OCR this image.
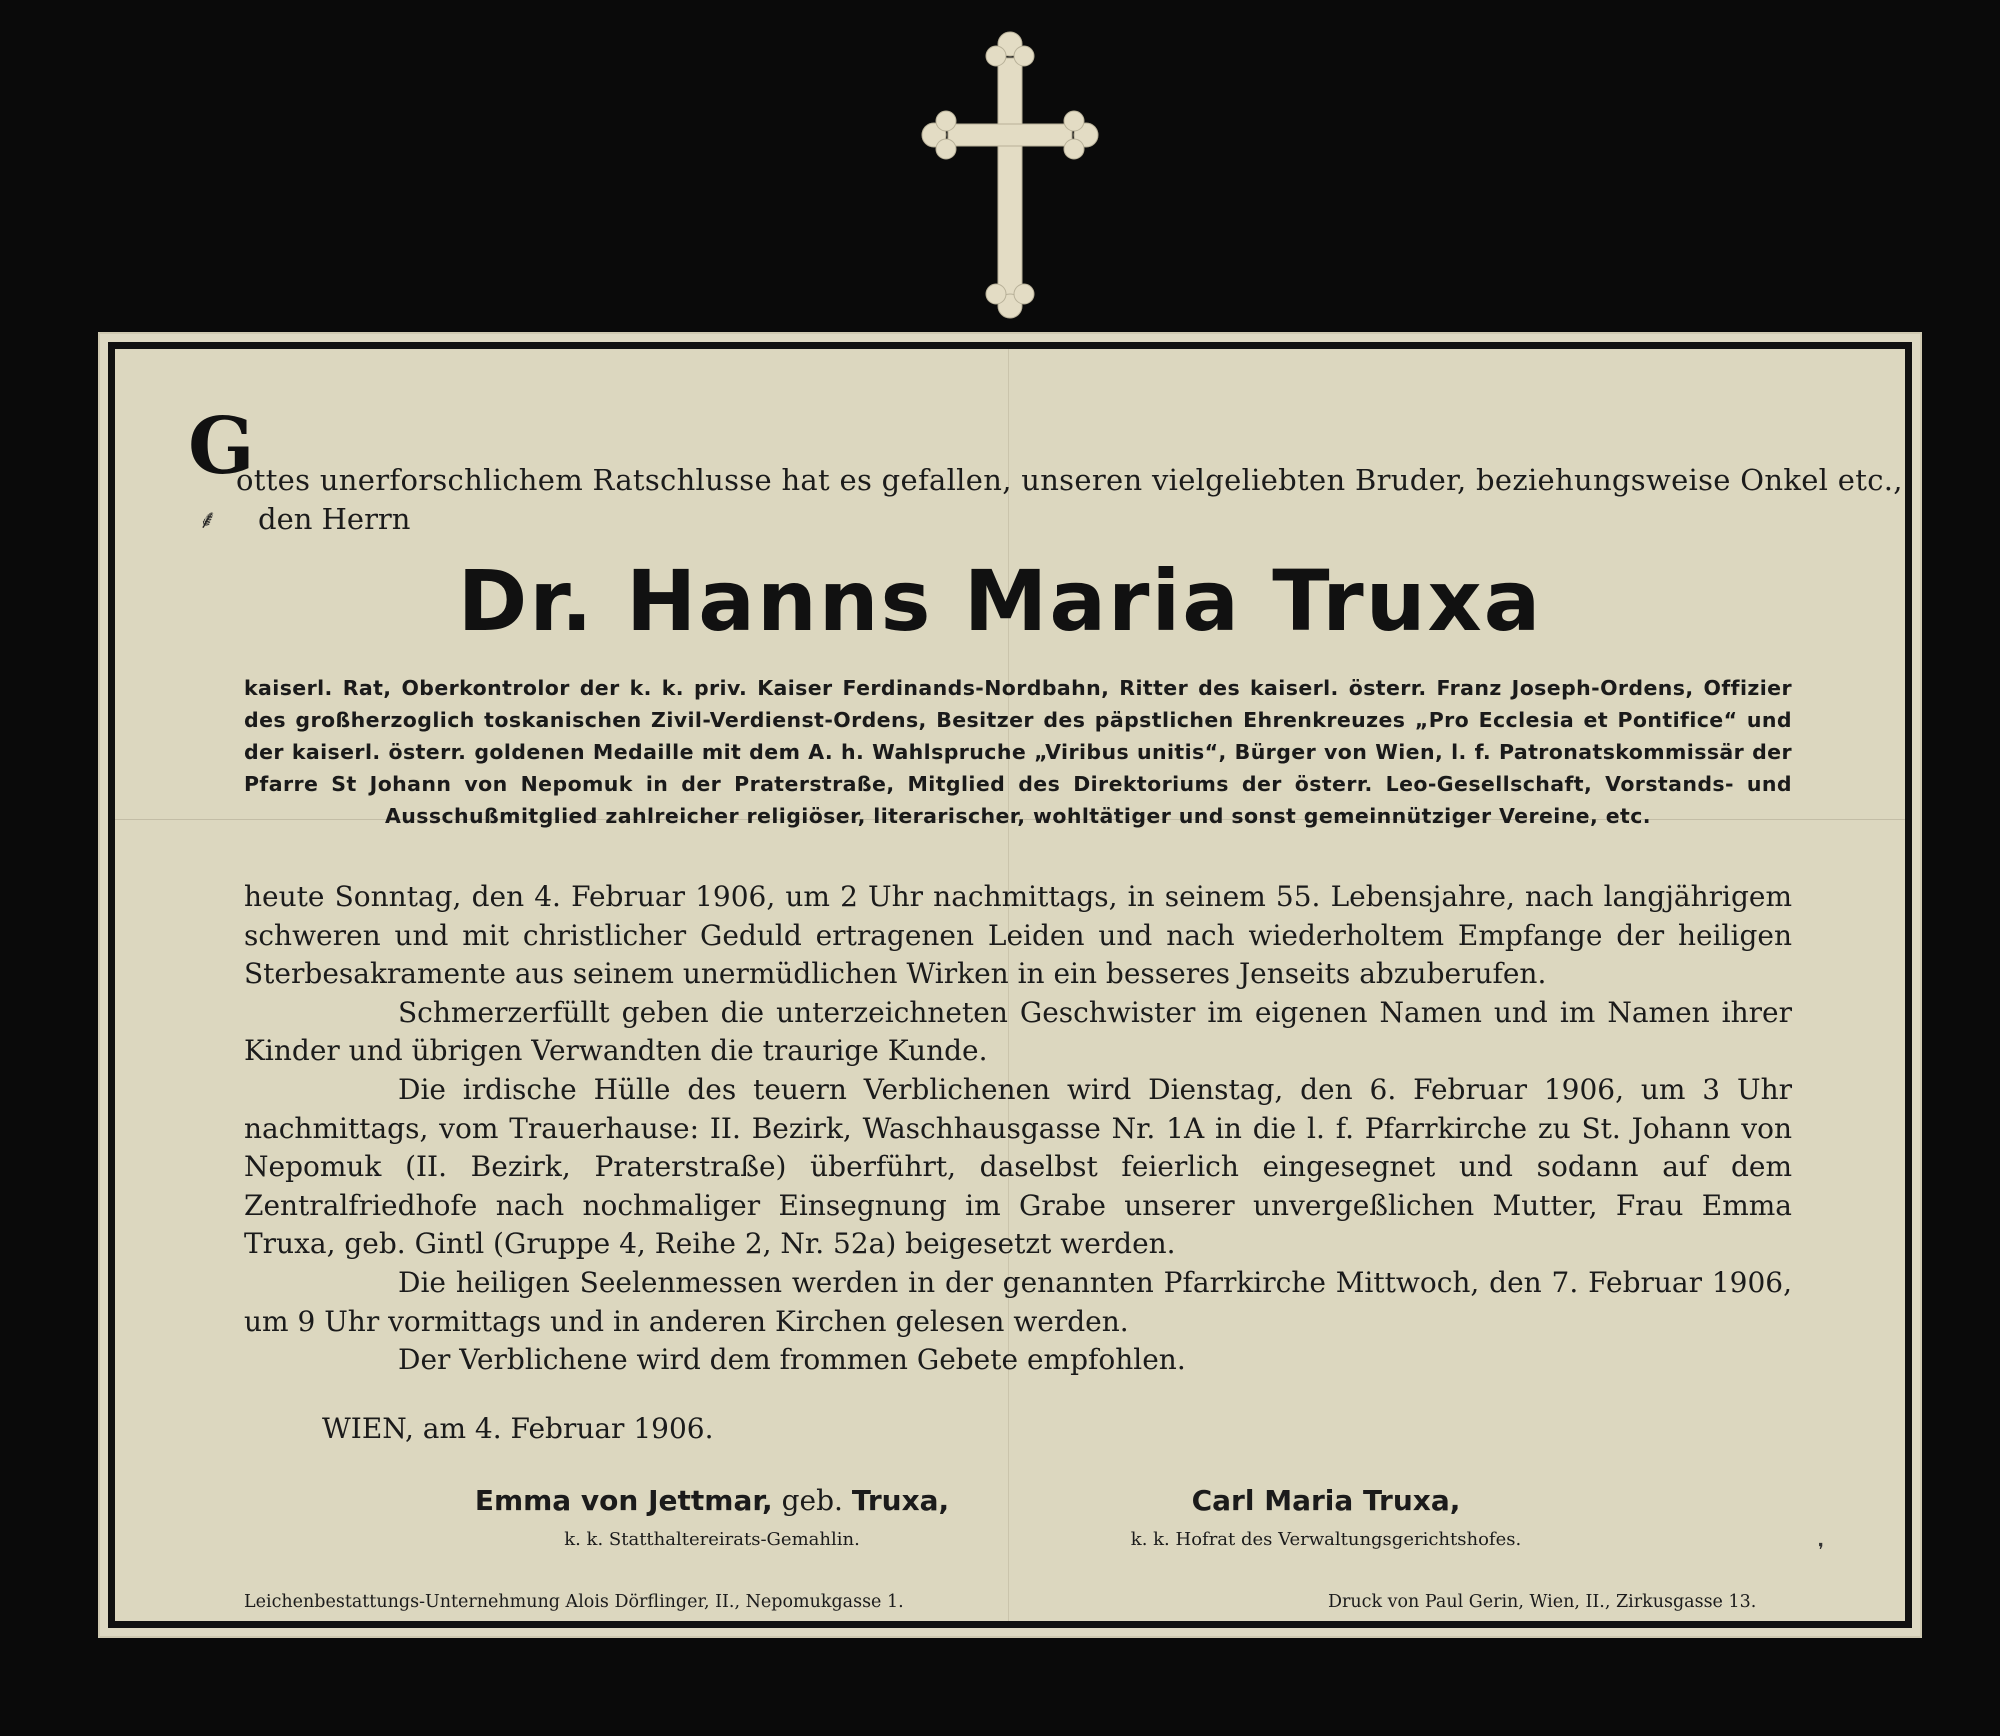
G
⸙
ottes unerforschlichem Ratschlusse hat es gefallen, unseren vielgeliebten Bruder, beziehungsweise Onkel etc.,
den Herrn
Dr. Hanns Maria Truxa
kaiserl. Rat, Oberkontrolor der k. k. priv. Kaiser Ferdinands-Nordbahn, Ritter des kaiserl. österr. Franz Joseph-Ordens, Offizier des großherzoglich toskanischen Zivil-Verdienst-Ordens, Besitzer des päpstlichen Ehrenkreuzes „Pro Ecclesia et Pontifice“ und der kaiserl. österr. goldenen Medaille mit dem A. h. Wahlspruche „Viribus unitis“, Bürger von Wien, l. f. Patronatskommissär der Pfarre St Johann von Nepomuk in der Praterstraße, Mitglied des Direktoriums der österr. Leo-Gesellschaft, Vorstands- und Ausschußmitglied zahlreicher religiöser, literarischer, wohltätiger und sonst gemeinnütziger Vereine, etc.

heute Sonntag, den 4. Februar 1906, um 2 Uhr nachmittags, in seinem 55. Lebensjahre, nach langjährigem schweren und mit christlicher Geduld ertragenen Leiden und nach wiederholtem Empfange der heiligen Sterbesakramente aus seinem unermüdlichen Wirken in ein besseres Jenseits abzuberufen.

Schmerzerfüllt geben die unterzeichneten Geschwister im eigenen Namen und im Namen ihrer Kinder und übrigen Verwandten die traurige Kunde.

Die irdische Hülle des teuern Verblichenen wird Dienstag, den 6. Februar 1906, um 3 Uhr nachmittags, vom Trauerhause: II. Bezirk, Waschhausgasse Nr. 1A in die l. f. Pfarrkirche zu St. Johann von Nepomuk (II. Bezirk, Praterstraße) überführt, daselbst feierlich eingesegnet und sodann auf dem Zentralfriedhofe nach nochmaliger Einsegnung im Grabe unserer unvergeßlichen Mutter, Frau Emma Truxa, geb. Gintl (Gruppe 4, Reihe 2, Nr. 52a) beigesetzt werden.

Die heiligen Seelenmessen werden in der genannten Pfarrkirche Mittwoch, den 7. Februar 1906, um 9 Uhr vormittags und in anderen Kirchen gelesen werden.

Der Verblichene wird dem frommen Gebete empfohlen.

WIEN, am 4. Februar 1906.
Emma von Jettmar, geb. Truxa,
k. k. Statthaltereirats-Gemahlin.
Carl Maria Truxa,
k. k. Hofrat des Verwaltungsgerichtshofes.
❜
Leichenbestattungs-Unternehmung Alois Dörflinger, II., Nepomukgasse 1.	Druck von Paul Gerin, Wien, II., Zirkusgasse 13.
